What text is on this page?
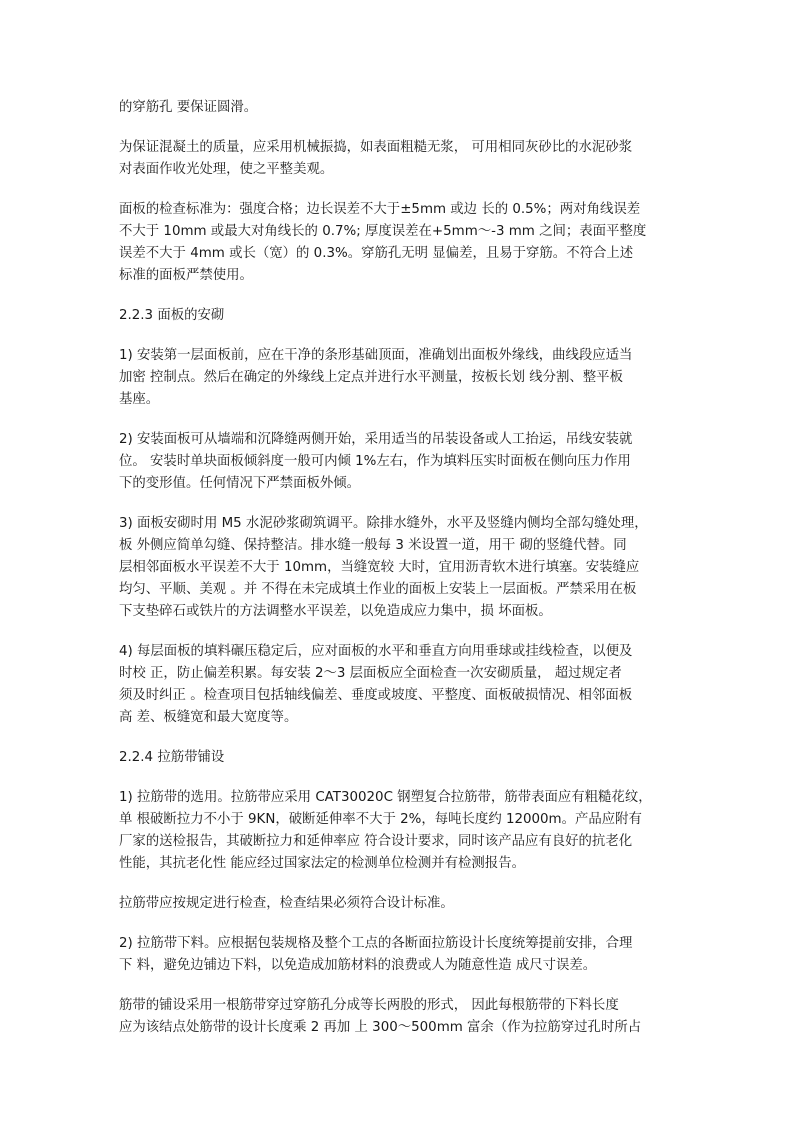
的穿筋孔 要保证圆滑。

为保证混凝土的质量，应采用机械振捣，如表面粗糙无浆， 可用相同灰砂比的水泥砂浆
对表面作收光处理，使之平整美观。

面板的检查标准为：强度合格；边长误差不大于±5mm 或边 长的 0.5%；两对角线误差
不大于 10mm 或最大对角线长的 0.7%; 厚度误差在+5mm～-3 mm 之间；表面平整度
误差不大于 4mm 或长（宽）的 0.3%。穿筋孔无明 显偏差，且易于穿筋。不符合上述
标准的面板严禁使用。

2.2.3 面板的安砌

1) 安装第一层面板前，应在干净的条形基础顶面，准确划出面板外缘线，曲线段应适当
加密 控制点。然后在确定的外缘线上定点并进行水平测量，按板长划 线分割、整平板
基座。

2) 安装面板可从墙端和沉降缝两侧开始，采用适当的吊装设备或人工抬运，吊线安装就
位。 安装时单块面板倾斜度一般可内倾 1%左右，作为填料压实时面板在侧向压力作用
下的变形值。任何情况下严禁面板外倾。

3) 面板安砌时用 M5 水泥砂浆砌筑调平。除排水缝外，水平及竖缝内侧均全部勾缝处理，
板 外侧应简单勾缝、保持整洁。排水缝一般每 3 米设置一道，用干 砌的竖缝代替。同
层相邻面板水平误差不大于 10mm，当缝宽较 大时，宜用沥青软木进行填塞。安装缝应
均匀、平顺、美观 。并 不得在未完成填土作业的面板上安装上一层面板。严禁采用在板
下支垫碎石或铁片的方法调整水平误差，以免造成应力集中，损 坏面板。

4) 每层面板的填料碾压稳定后，应对面板的水平和垂直方向用垂球或挂线检查，以便及
时校 正，防止偏差积累。每安装 2～3 层面板应全面检查一次安砌质量， 超过规定者
须及时纠正 。检查项目包括轴线偏差、垂度或坡度、平整度、面板破损情况、相邻面板
高 差、板缝宽和最大宽度等。

2.2.4 拉筋带铺设

1) 拉筋带的选用。拉筋带应采用 CAT30020C 钢塑复合拉筋带，筋带表面应有粗糙花纹，
单 根破断拉力不小于 9KN，破断延伸率不大于 2%，每吨长度约 12000m。产品应附有
厂家的送检报告，其破断拉力和延伸率应 符合设计要求，同时该产品应有良好的抗老化
性能，其抗老化性 能应经过国家法定的检测单位检测并有检测报告。

拉筋带应按规定进行检查，检查结果必须符合设计标准。

2) 拉筋带下料。应根据包装规格及整个工点的各断面拉筋设计长度统筹提前安排，合理
下 料，避免边铺边下料，以免造成加筋材料的浪费或人为随意性造 成尺寸误差。

筋带的铺设采用一根筋带穿过穿筋孔分成等长两股的形式， 因此每根筋带的下料长度
应为该结点处筋带的设计长度乘 2 再加 上 300～500mm 富余（作为拉筋穿过孔时所占
